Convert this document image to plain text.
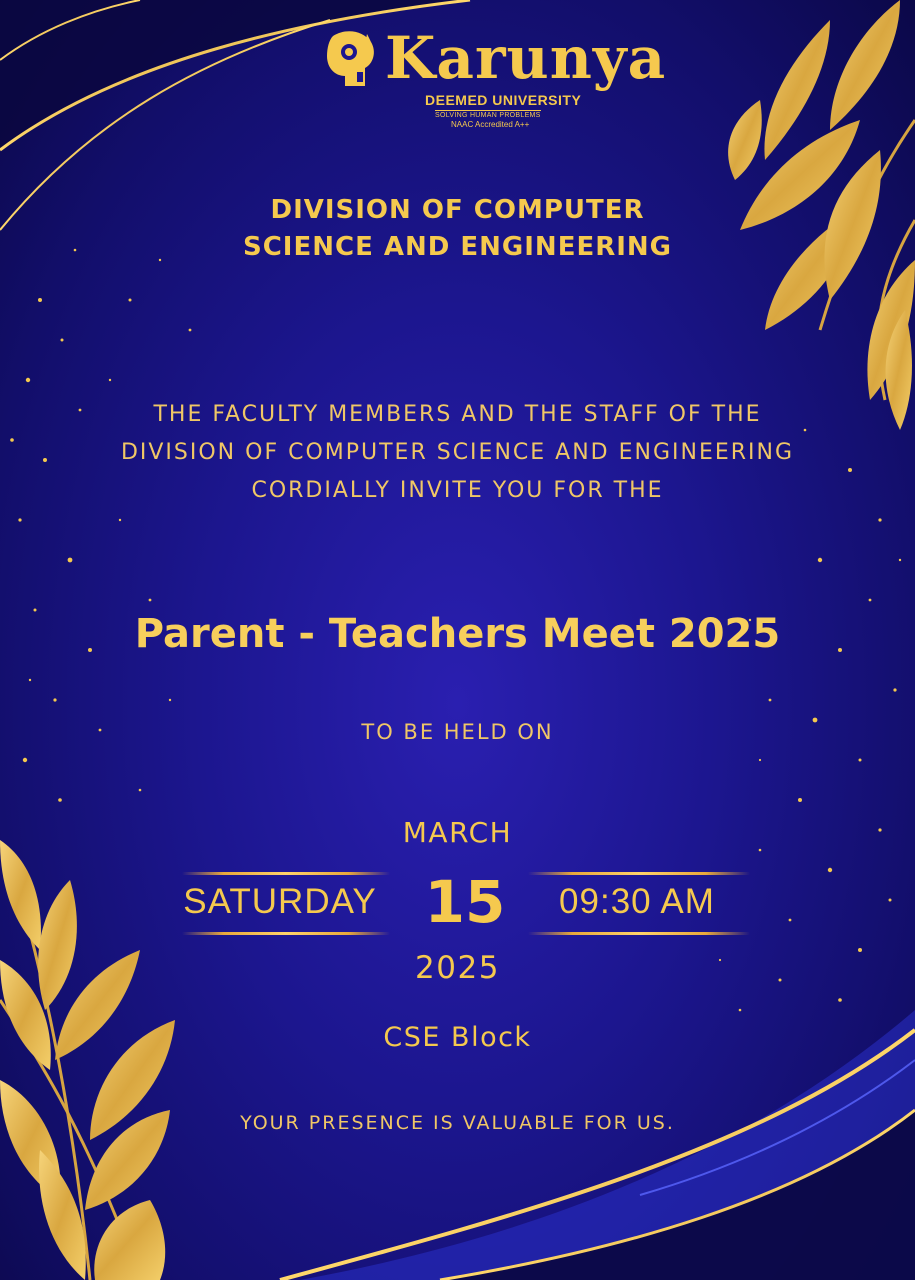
Karunya
DEEMED UNIVERSITY
SOLVING HUMAN PROBLEMS
NAAC Accredited A++
DIVISION OF COMPUTER
SCIENCE AND ENGINEERING
THE FACULTY MEMBERS AND THE STAFF OF THE
DIVISION OF COMPUTER SCIENCE AND ENGINEERING
CORDIALLY INVITE YOU FOR THE
Parent - Teachers Meet 2025
TO BE HELD ON
MARCH
SATURDAY 15	09:30 AM
2025
CSE Block
YOUR PRESENCE IS VALUABLE FOR US.
